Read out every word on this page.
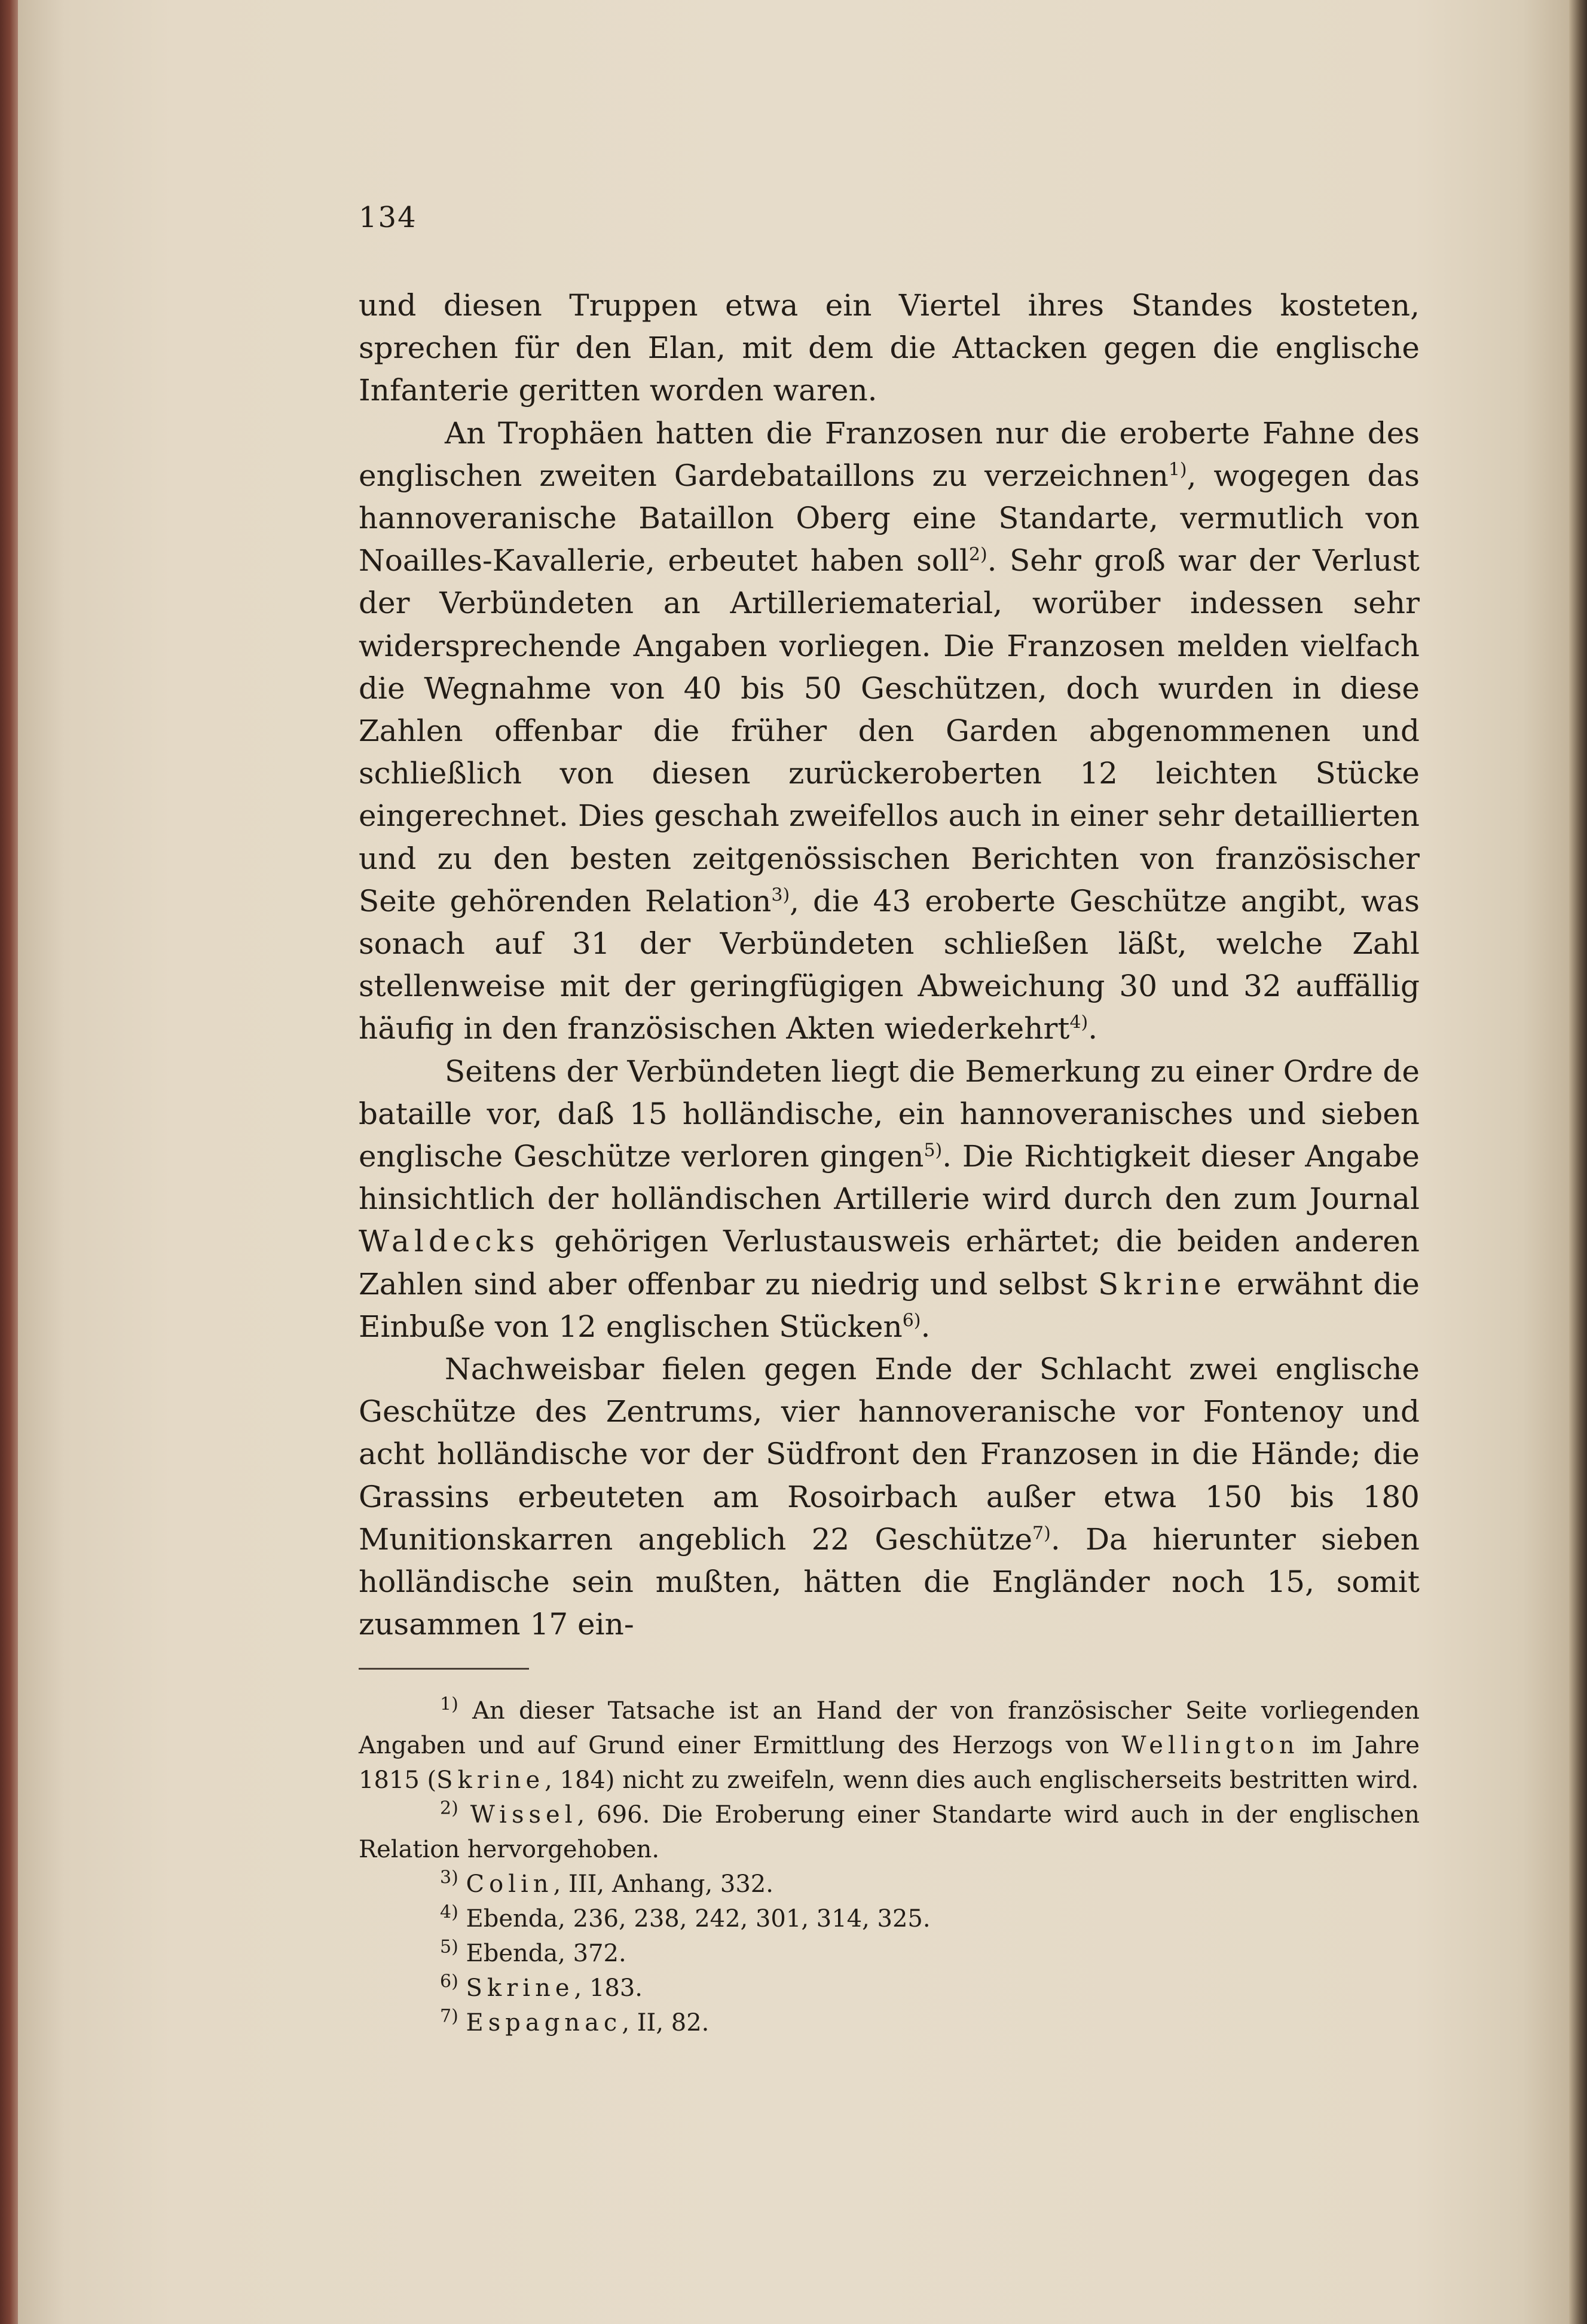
134

und diesen Truppen etwa ein Viertel ihres Standes kosteten, sprechen für den Elan, mit dem die Attacken gegen die englische Infanterie geritten worden waren.

An Trophäen hatten die Franzosen nur die eroberte Fahne des englischen zweiten Gardebataillons zu verzeichnen$^{1)}$, wogegen das hannoveranische Bataillon Oberg eine Standarte, vermutlich von Noailles-Kavallerie, erbeutet haben soll$^{2)}$. Sehr groß war der Verlust der Verbündeten an Artilleriematerial, worüber indessen sehr widersprechende Angaben vorliegen. Die Franzosen melden vielfach die Wegnahme von 40 bis 50 Geschützen, doch wurden in diese Zahlen offenbar die früher den Garden abgenommenen und schließlich von diesen zurückeroberten 12 leichten Stücke eingerechnet. Dies geschah zweifellos auch in einer sehr detaillierten und zu den besten zeitgenössischen Berichten von französischer Seite gehörenden Relation$^{3)}$, die 43 eroberte Geschütze angibt, was sonach auf 31 der Verbündeten schließen läßt, welche Zahl stellenweise mit der geringfügigen Abweichung 30 und 32 auffällig häufig in den französischen Akten wiederkehrt$^{4)}$.

Seitens der Verbündeten liegt die Bemerkung zu einer Ordre de bataille vor, daß 15 holländische, ein hannoveranisches und sieben englische Geschütze verloren gingen$^{5)}$. Die Richtigkeit dieser Angabe hinsichtlich der holländischen Artillerie wird durch den zum Journal Waldecks gehörigen Verlustausweis erhärtet; die beiden anderen Zahlen sind aber offenbar zu niedrig und selbst Skrine erwähnt die Einbuße von 12 englischen Stücken$^{6)}$.

Nachweisbar fielen gegen Ende der Schlacht zwei englische Geschütze des Zentrums, vier hannoveranische vor Fontenoy und acht holländische vor der Südfront den Franzosen in die Hände; die Grassins erbeuteten am Rosoirbach außer etwa 150 bis 180 Munitionskarren angeblich 22 Geschütze$^{7)}$. Da hierunter sieben holländische sein mußten, hätten die Engländer noch 15, somit zusammen 17 ein-

$^{1)}$ An dieser Tatsache ist an Hand der von französischer Seite vorliegenden Angaben und auf Grund einer Ermittlung des Herzogs von Wellington im Jahre 1815 (Skrine, 184) nicht zu zweifeln, wenn dies auch englischerseits bestritten wird.

$^{2)}$ Wissel, 696. Die Eroberung einer Standarte wird auch in der englischen Relation hervorgehoben.

$^{3)}$ Colin, III, Anhang, 332.

$^{4)}$ Ebenda, 236, 238, 242, 301, 314, 325.

$^{5)}$ Ebenda, 372.

$^{6)}$ Skrine, 183.

$^{7)}$ Espagnac, II, 82.
